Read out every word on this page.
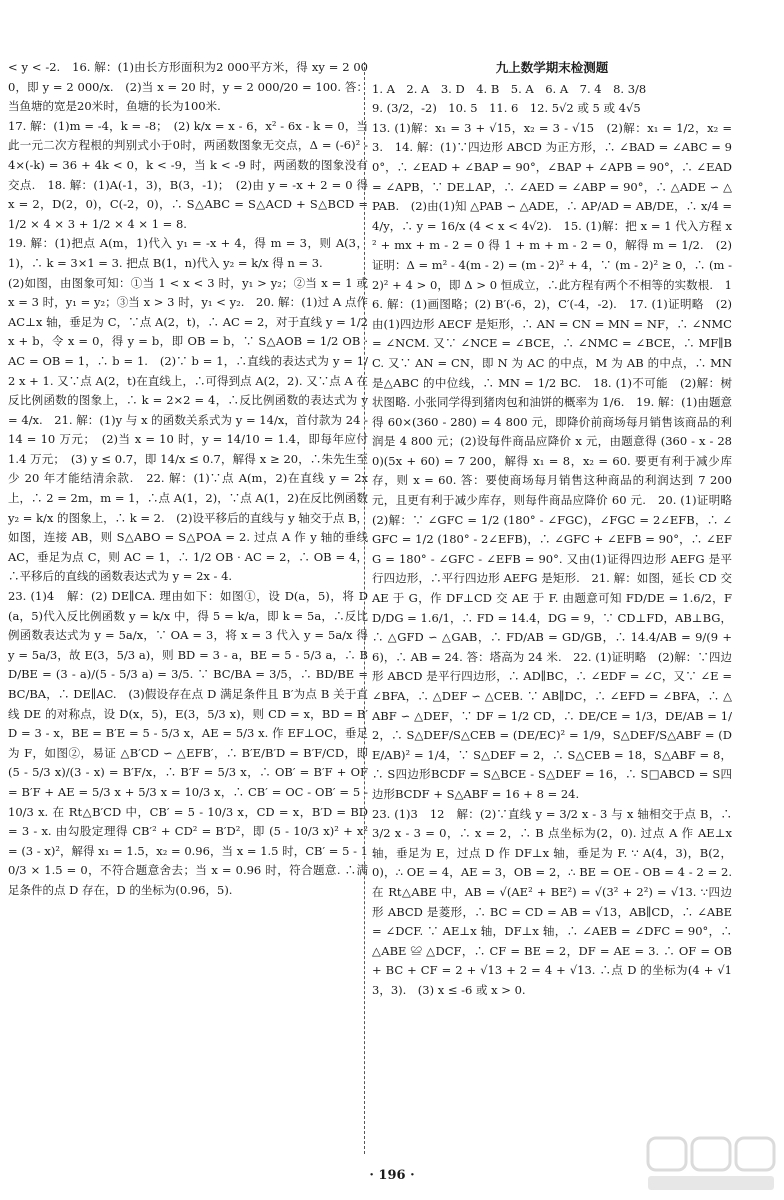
< y < -2.　16. 解：(1)由长方形面积为2 000平方米，得 xy = 2 000，即 y = 2 000/x.　(2)当 x = 20 时，y = 2 000/20 = 100. 答：当鱼塘的宽是20米时，鱼塘的长为100米.

17. 解：(1)m = -4，k = -8；　(2) k/x = x - 6，x² - 6x - k = 0，当此一元二次方程根的判别式小于0时，两函数图象无交点，Δ = (-6)² - 4×(-k) = 36 + 4k < 0，k < -9，当 k < -9 时，两函数的图象没有交点.　18. 解：(1)A(-1，3)，B(3，-1)；　(2)由 y = -x + 2 = 0 得 x = 2，D(2，0)，C(-2，0)，∴ S△ABC = S△ACD + S△BCD = 1/2 × 4 × 3 + 1/2 × 4 × 1 = 8.

19. 解：(1)把点 A(m，1)代入 y₁ = -x + 4，得 m = 3，则 A(3，1)，∴ k = 3×1 = 3. 把点 B(1，n)代入 y₂ = k/x 得 n = 3.

(2)如图，由图象可知：①当 1 < x < 3 时，y₁ > y₂；②当 x = 1 或 x = 3 时，y₁ = y₂；③当 x > 3 时，y₁ < y₂.　20. 解：(1)过 A 点作 AC⊥x 轴，垂足为 C，∵点 A(2，t)，∴ AC = 2，对于直线 y = 1/2 x + b，令 x = 0，得 y = b，即 OB = b，∵ S△AOB = 1/2 OB · AC = OB = 1，∴ b = 1.　(2)∵ b = 1，∴直线的表达式为 y = 1/2 x + 1. 又∵点 A(2，t)在直线上，∴可得到点 A(2，2). 又∵点 A 在反比例函数的图象上，∴ k = 2×2 = 4，∴反比例函数的表达式为 y = 4/x.　21. 解：(1)y 与 x 的函数关系式为 y = 14/x，首付款为 24 - 14 = 10 万元；　(2)当 x = 10 时，y = 14/10 = 1.4，即每年应付 1.4 万元；　(3) y ≤ 0.7，即 14/x ≤ 0.7，解得 x ≥ 20，∴朱先生至少 20 年才能结清余款.　22. 解：(1)∵点 A(m，2)在直线 y = 2x 上，∴ 2 = 2m，m = 1，∴点 A(1，2)，∵点 A(1，2)在反比例函数 y₂ = k/x 的图象上，∴ k = 2.　(2)设平移后的直线与 y 轴交于点 B，如图，连接 AB，则 S△ABO = S△POA = 2. 过点 A 作 y 轴的垂线 AC，垂足为点 C，则 AC = 1，∴ 1/2 OB · AC = 2，∴ OB = 4，∴平移后的直线的函数表达式为 y = 2x - 4.

23. (1)4　解：(2) DE∥CA. 理由如下：如图①，设 D(a，5)，将 D(a，5)代入反比例函数 y = k/x 中，得 5 = k/a，即 k = 5a，∴反比例函数表达式为 y = 5a/x，∵ OA = 3，将 x = 3 代入 y = 5a/x 得 y = 5a/3，故 E(3，5/3 a)，则 BD = 3 - a，BE = 5 - 5/3 a，∴ BD/BE = (3 - a)/(5 - 5/3 a) = 3/5. ∵ BC/BA = 3/5，∴ BD/BE = BC/BA，∴ DE∥AC.　(3)假设存在点 D 满足条件且 B′为点 B 关于直线 DE 的对称点，设 D(x，5)，E(3，5/3 x)，则 CD = x，BD = B′D = 3 - x，BE = B′E = 5 - 5/3 x，AE = 5/3 x. 作 EF⊥OC，垂足为 F，如图②，易证 △B′CD ∽ △EFB′，∴ B′E/B′D = B′F/CD，即 (5 - 5/3 x)/(3 - x) = B′F/x，∴ B′F = 5/3 x，∴ OB′ = B′F + OF = B′F + AE = 5/3 x + 5/3 x = 10/3 x，∴ CB′ = OC - OB′ = 5 - 10/3 x. 在 Rt△B′CD 中，CB′ = 5 - 10/3 x，CD = x，B′D = BD = 3 - x. 由勾股定理得 CB′² + CD² = B′D²，即 (5 - 10/3 x)² + x² = (3 - x)²，解得 x₁ = 1.5，x₂ = 0.96，当 x = 1.5 时，CB′ = 5 - 10/3 × 1.5 = 0，不符合题意舍去；当 x = 0.96 时，符合题意. ∴满足条件的点 D 存在，D 的坐标为(0.96，5).

九上数学期末检测题

1. A　2. A　3. D　4. B　5. A　6. A　7. 4　8. 3/8

9. (3/2，-2)　10. 5　11. 6　12. 5√2 或 5 或 4√5

13. (1)解：x₁ = 3 + √15，x₂ = 3 - √15　(2)解：x₁ = 1/2，x₂ = 3.　14. 解：(1)∵四边形 ABCD 为正方形，∴ ∠BAD = ∠ABC = 90°，∴ ∠EAD + ∠BAP = 90°，∠BAP + ∠APB = 90°，∴ ∠EAD = ∠APB，∵ DE⊥AP，∴ ∠AED = ∠ABP = 90°，∴ △ADE ∽ △PAB.　(2)由(1)知 △PAB ∽ △ADE，∴ AP/AD = AB/DE，∴ x/4 = 4/y，∴ y = 16/x (4 < x < 4√2).　15. (1)解：把 x = 1 代入方程 x² + mx + m - 2 = 0 得 1 + m + m - 2 = 0，解得 m = 1/2.　(2)证明：Δ = m² - 4(m - 2) = (m - 2)² + 4，∵ (m - 2)² ≥ 0，∴ (m - 2)² + 4 > 0，即 Δ > 0 恒成立，∴此方程有两个不相等的实数根.　16. 解：(1)画图略；(2) B′(-6，2)，C′(-4，-2).　17. (1)证明略　(2)由(1)四边形 AECF 是矩形，∴ AN = CN = MN = NF，∴ ∠NMC = ∠NCM. 又∵ ∠NCE = ∠BCE，∴ ∠NMC = ∠BCE，∴ MF∥BC. 又∵ AN = CN，即 N 为 AC 的中点，M 为 AB 的中点，∴ MN 是△ABC 的中位线，∴ MN = 1/2 BC.　18. (1)不可能　(2)解：树状图略. 小张同学得到猪肉包和油饼的概率为 1/6.　19. 解：(1)由题意得 60×(360 - 280) = 4 800 元，即降价前商场每月销售该商品的利润是 4 800 元；(2)设每件商品应降价 x 元，由题意得 (360 - x - 280)(5x + 60) = 7 200，解得 x₁ = 8，x₂ = 60. 要更有利于减少库存，则 x = 60. 答：要使商场每月销售这种商品的利润达到 7 200 元，且更有利于减少库存，则每件商品应降价 60 元.　20. (1)证明略　(2)解：∵ ∠GFC = 1/2 (180° - ∠FGC)，∠FGC = 2∠EFB，∴ ∠GFC = 1/2 (180° - 2∠EFB)，∴ ∠GFC + ∠EFB = 90°，∴ ∠EFG = 180° - ∠GFC - ∠EFB = 90°. 又由(1)证得四边形 AEFG 是平行四边形，∴平行四边形 AEFG 是矩形.　21. 解：如图，延长 CD 交 AE 于 G，作 DF⊥CD 交 AE 于 F. 由题意可知 FD/DE = 1.6/2，FD/DG = 1.6/1，∴ FD = 14.4，DG = 9，∵ CD⊥FD，AB⊥BG，∴ △GFD ∽ △GAB，∴ FD/AB = GD/GB，∴ 14.4/AB = 9/(9 + 6)，∴ AB = 24. 答：塔高为 24 米.　22. (1)证明略　(2)解：∵四边形 ABCD 是平行四边形，∴ AD∥BC，∴ ∠EDF = ∠C，又∵ ∠E = ∠BFA，∴ △DEF ∽ △CEB. ∵ AB∥DC，∴ ∠EFD = ∠BFA，∴ △ABF ∽ △DEF，∵ DF = 1/2 CD，∴ DE/CE = 1/3，DE/AB = 1/2，∴ S△DEF/S△CEB = (DE/EC)² = 1/9，S△DEF/S△ABF = (DE/AB)² = 1/4，∵ S△DEF = 2，∴ S△CEB = 18，S△ABF = 8，∴ S四边形BCDF = S△BCE - S△DEF = 16，∴ S□ABCD = S四边形BCDF + S△ABF = 16 + 8 = 24.

23. (1)3　12　解：(2)∵直线 y = 3/2 x - 3 与 x 轴相交于点 B，∴ 3/2 x - 3 = 0，∴ x = 2，∴ B 点坐标为(2，0). 过点 A 作 AE⊥x 轴，垂足为 E，过点 D 作 DF⊥x 轴，垂足为 F. ∵ A(4，3)，B(2，0)，∴ OE = 4，AE = 3，OB = 2，∴ BE = OE - OB = 4 - 2 = 2. 在 Rt△ABE 中，AB = √(AE² + BE²) = √(3² + 2²) = √13. ∵四边形 ABCD 是菱形，∴ BC = CD = AB = √13，AB∥CD，∴ ∠ABE = ∠DCF. ∵ AE⊥x 轴，DF⊥x 轴，∴ ∠AEB = ∠DFC = 90°，∴ △ABE ≌ △DCF，∴ CF = BE = 2，DF = AE = 3. ∴ OF = OB + BC + CF = 2 + √13 + 2 = 4 + √13. ∴点 D 的坐标为(4 + √13，3).　(3) x ≤ -6 或 x > 0.

· 196 ·
